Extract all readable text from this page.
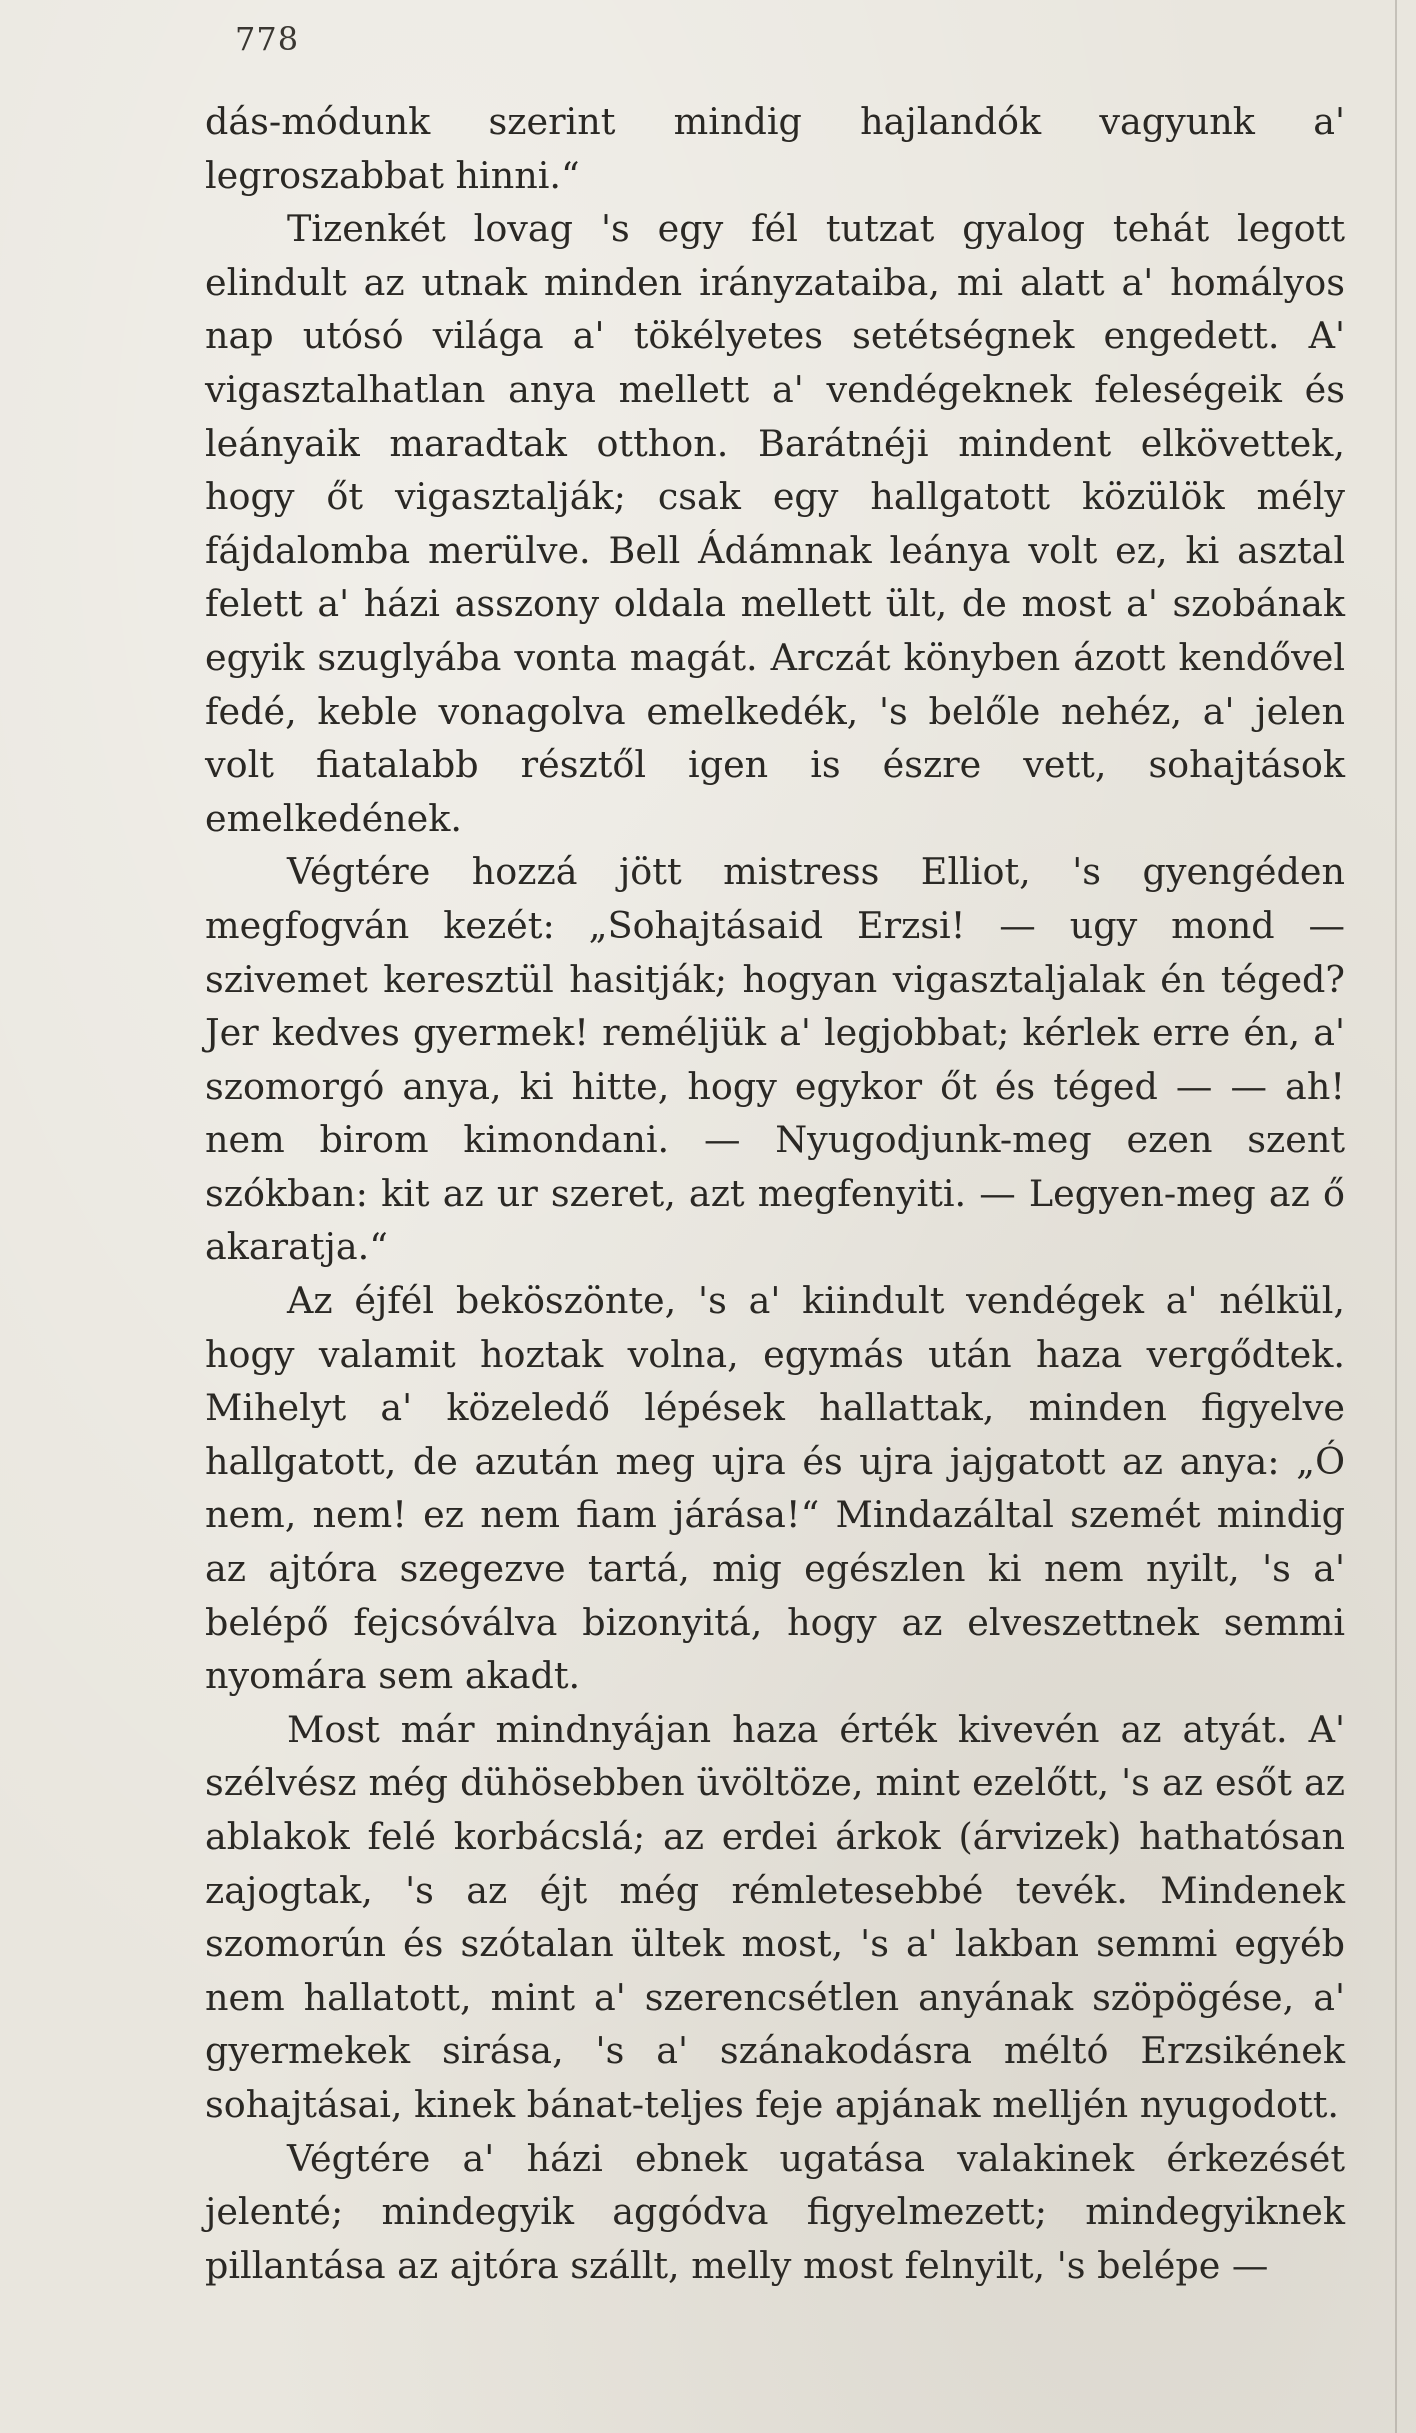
778

dás-módunk szerint mindig hajlandók vagyunk a' legroszabbat hinni.“

Tizenkét lovag 's egy fél tutzat gyalog tehát legott elindult az utnak minden irányzataiba, mi alatt a' homályos nap utósó világa a' tökélyetes setétségnek engedett. A' vigasztalhatlan anya mellett a' vendégeknek feleségeik és leányaik maradtak otthon. Barátnéji mindent elkövettek, hogy őt vigasztalják; csak egy hallgatott közülök mély fájdalomba merülve. Bell Ádámnak leánya volt ez, ki asztal felett a' házi asszony oldala mellett ült, de most a' szobának egyik szuglyába vonta magát. Arczát könyben ázott kendővel fedé, keble vonagolva emelkedék, 's belőle nehéz, a' jelen volt fiatalabb résztől igen is észre vett, sohajtások emelkedének.

Végtére hozzá jött mistress Elliot, 's gyengéden megfogván kezét: „Sohajtásaid Erzsi! — ugy mond — szivemet keresztül hasitják; hogyan vigasztaljalak én téged? Jer kedves gyermek! reméljük a' legjobbat; kérlek erre én, a' szomorgó anya, ki hitte, hogy egykor őt és téged — — ah! nem birom kimondani. — Nyugodjunk-meg ezen szent szókban: kit az ur szeret, azt megfenyiti. — Legyen-meg az ő akaratja.“

Az éjfél beköszönte, 's a' kiindult vendégek a' nélkül, hogy valamit hoztak volna, egymás után haza vergődtek. Mihelyt a' közeledő lépések hallattak, minden figyelve hallgatott, de azután meg ujra és ujra jajgatott az anya: „Ó nem, nem! ez nem fiam járása!“ Mindazáltal szemét mindig az ajtóra szegezve tartá, mig egészlen ki nem nyilt, 's a' belépő fejcsóválva bizonyitá, hogy az elveszettnek semmi nyomára sem akadt.

Most már mindnyájan haza érték kivevén az atyát. A' szélvész még dühösebben üvöltöze, mint ezelőtt, 's az esőt az ablakok felé korbácslá; az erdei árkok (árvizek) hathatósan zajogtak, 's az éjt még rémletesebbé tevék. Mindenek szomorún és szótalan ültek most, 's a' lakban semmi egyéb nem hallatott, mint a' szerencsétlen anyának szöpögése, a' gyermekek sirása, 's a' szánakodásra méltó Erzsikének sohajtásai, kinek bánat-teljes feje apjának melljén nyugodott.

Végtére a' házi ebnek ugatása valakinek érkezését jelenté; mindegyik aggódva figyelmezett; mindegyiknek pillantása az ajtóra szállt, melly most felnyilt, 's belépe —
